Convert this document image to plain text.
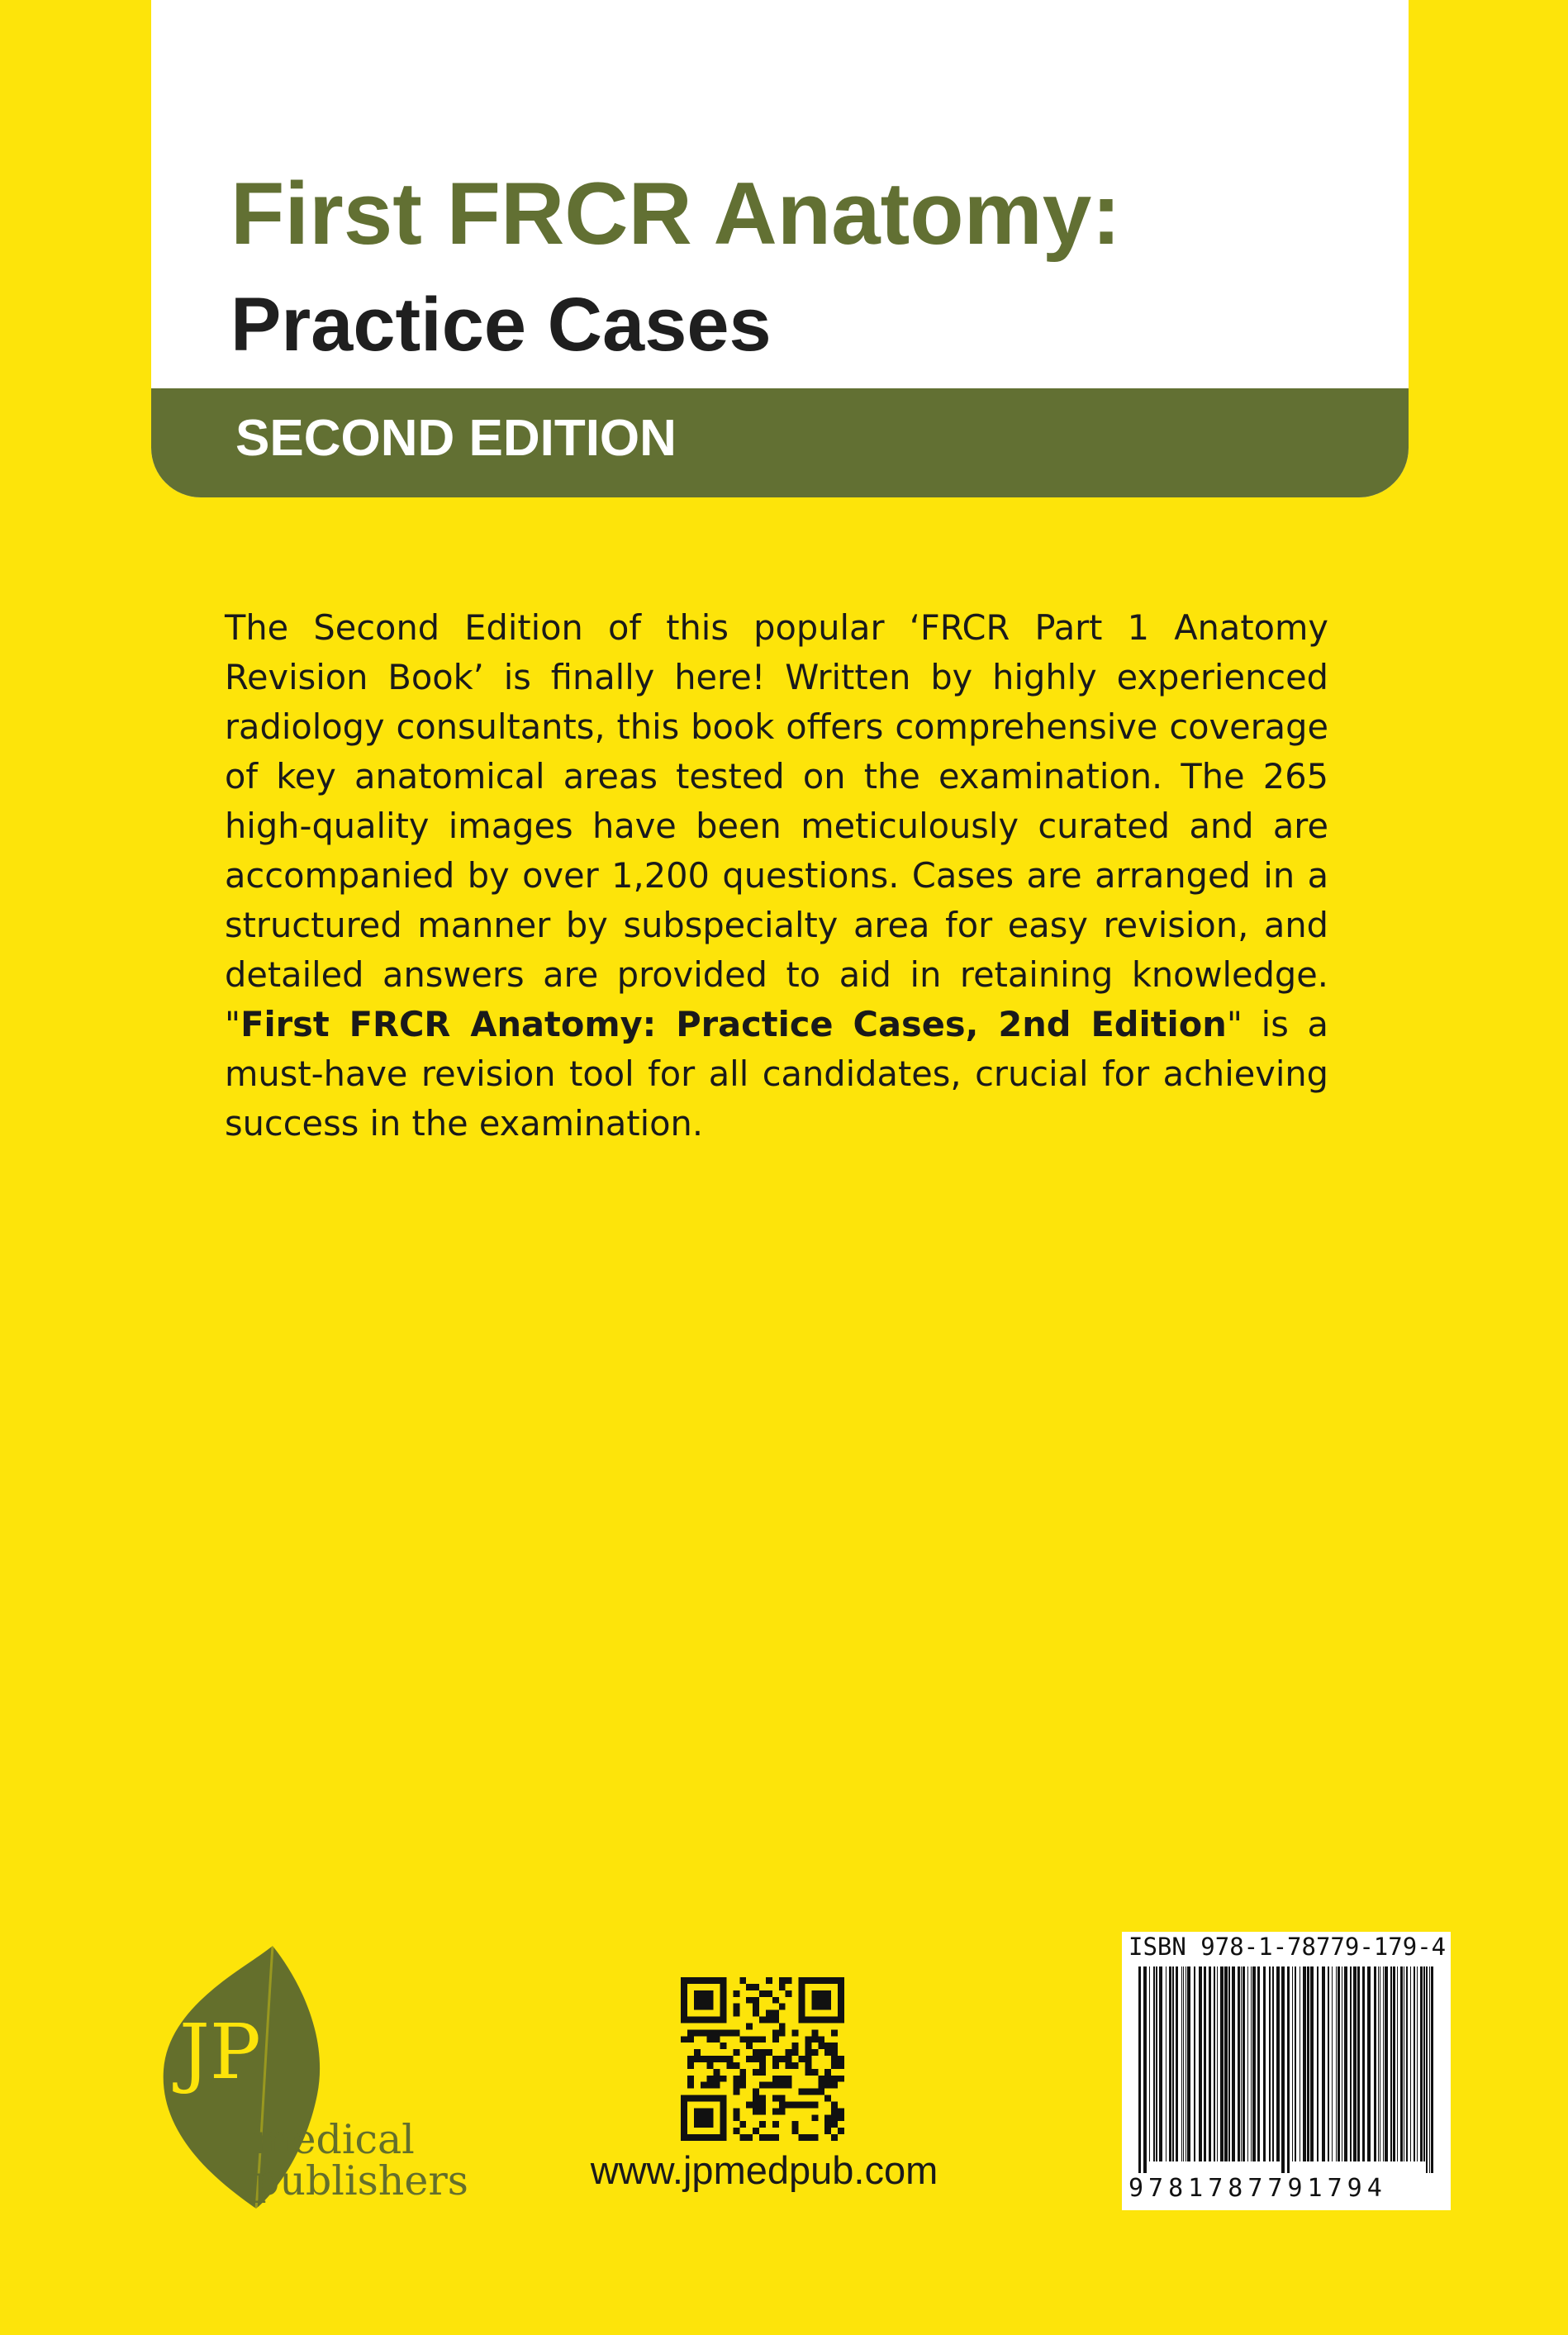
First FRCR Anatomy:
Practice Cases
SECOND EDITION

The Second Edition of this popular ‘FRCR Part 1 Anatomy Revision Book’ is finally here! Written by highly experienced radiology consultants, this book offers comprehensive coverage of key anatomical areas tested on the examination. The 265 high-quality images have been meticulously curated and are accompanied by over 1,200 questions. Cases are arranged in a structured manner by subspecialty area for easy revision, and detailed answers are provided to aid in retaining knowledge. "First FRCR Anatomy: Practice Cases, 2nd Edition" is a must-have revision tool for all candidates, crucial for achieving success in the examination.

JP
medical
publishers	www.jpmedpub.com
ISBN 978-1-78779-179-4
9781787791794
